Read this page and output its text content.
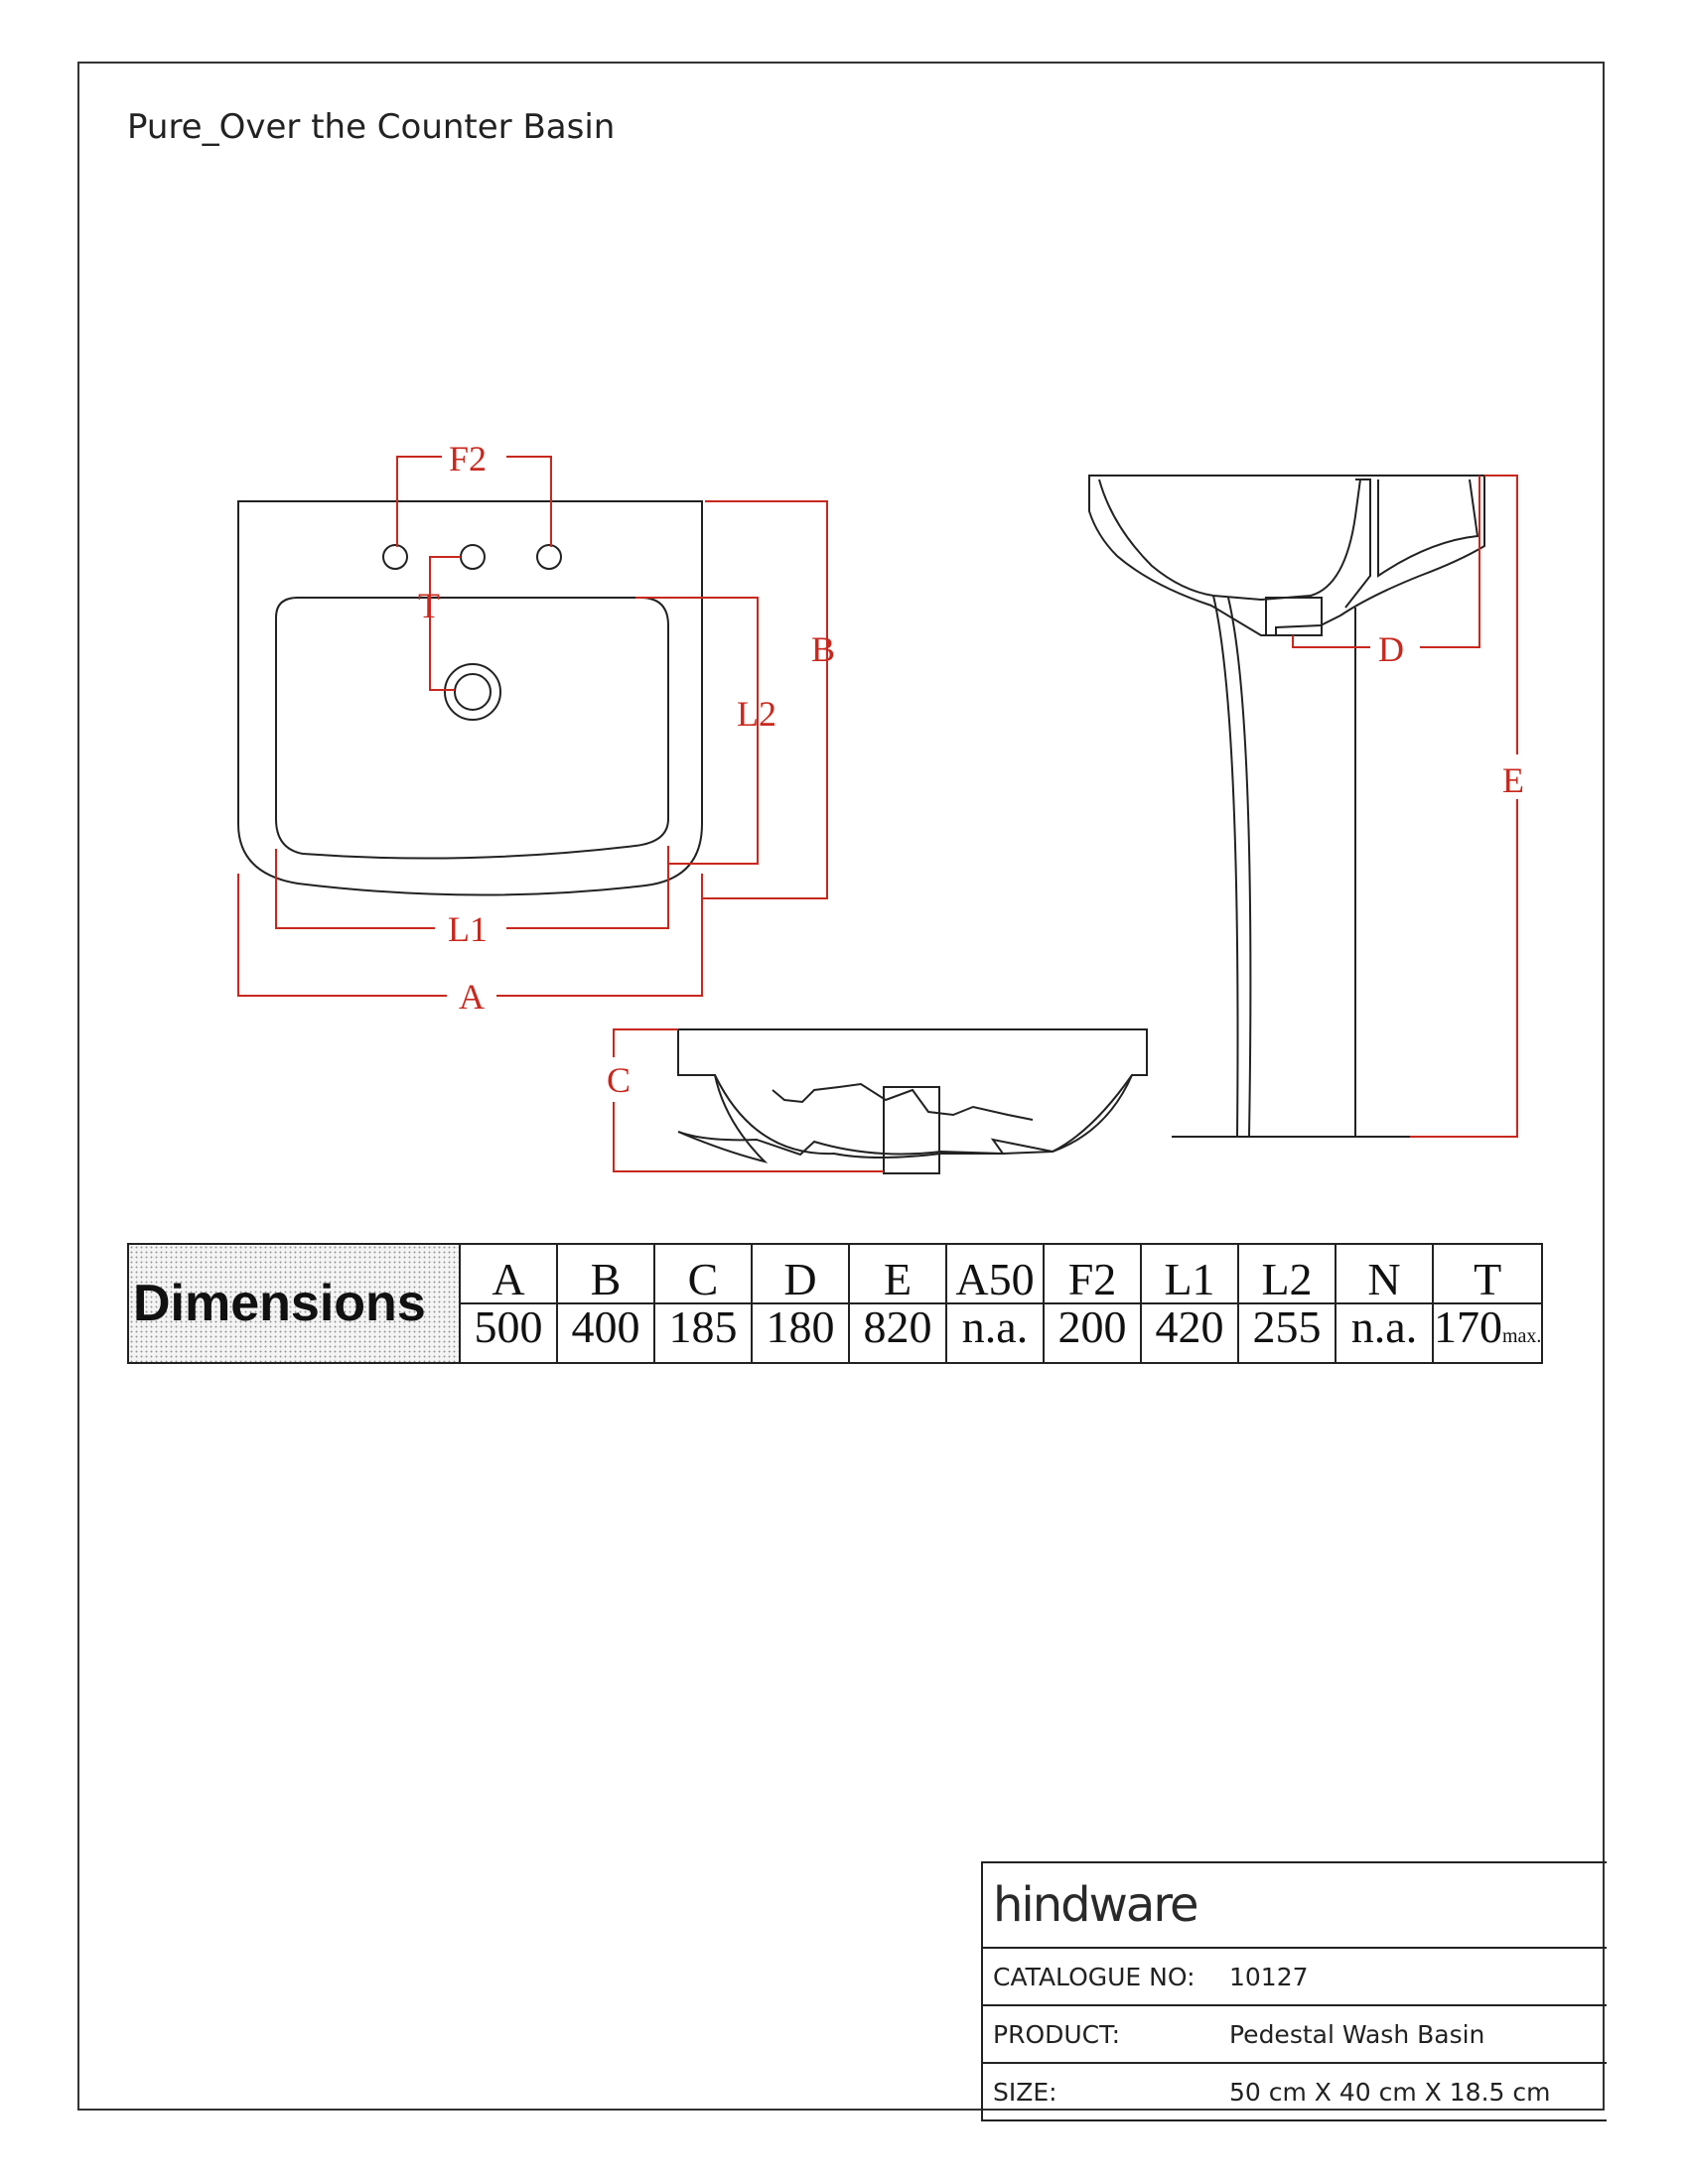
Pure_Over the Counter Basin
F2
T
B
L2
L1
A
C
D
E
Dimensions	A	B	C	D	E	A50	F2	L1	L2	N	T
	500	400	185	180	820	n.a.	200	420	255	n.a.	170max.
hindware
CATALOGUE NO:	10127
PRODUCT:	Pedestal Wash Basin
SIZE:	50 cm X 40 cm X 18.5 cm
